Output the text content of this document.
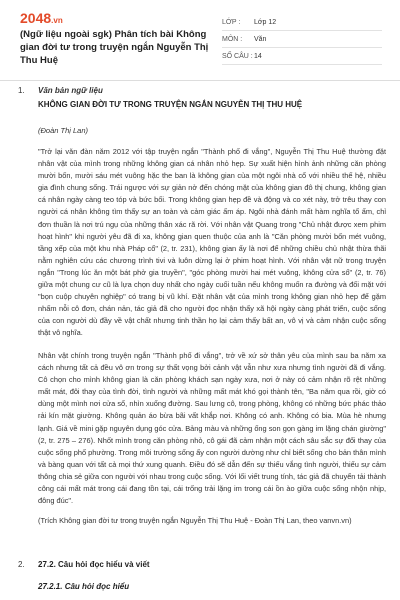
2048.vn
(Ngữ liệu ngoài sgk) Phân tích bài Không gian đời tư trong truyện ngắn Nguyễn Thị Thu Huệ
LỚP :	Lớp 12
MÔN :	Văn
SỐ CÂU : 14
1. Văn bản ngữ liệu
KHÔNG GIAN ĐỜI TƯ TRONG TRUYỆN NGẮN NGUYỄN THỊ THU HUỆ
(Đoàn Thị Lan)
"Trở lại văn đàn năm 2012 với tập truyện ngắn "Thành phố đi vắng", Nguyễn Thị Thu Huệ thường đặt nhân vật của mình trong những không gian cá nhân nhỏ hẹp. Sự xuất hiện hình ảnh những căn phòng mười bốn, mười sáu mét vuông hặc the ban là không gian của một ngôi nhà cổ với nhiều thế hệ, nhiều gia đình chung sống. Trái ngược với sự giản nở đến chóng mặt của không gian đô thị chung, không gian cá nhân ngày càng teo tóp và bức bối. Trong không gian hẹp đề và động và co xét này, trở trêu thay con người cá nhân không tìm thấy sự an toàn và cảm giác ấm áp. Ngôi nhà đánh mất hàm nghĩa tổ ấm, chỉ đơn thuần là nơi trú ngụ của những thân xác rã rời. Với nhân vật Quang trong "Chủ nhật được xem phim hoạt hình" khi người yêu đã đi xa, không gian quen thuộc của anh là "Căn phòng mười bốn mét vuông, tầng xếp của một khu nhà Pháp cổ" (2, tr. 231), không gian ấy là nơi để những chiều chủ nhật thừa thãi nằm nghiên cứu các chương trình tivi và luôn dừng lại ở phim hoạt hình. Với nhân vật nữ trong truyện ngắn "Trong lúc ăn một bát phở gia truyền", "góc phòng mười hai mét vuông, không cửa sổ" (2, tr. 76) giữa một chung cư cũ là lựa chọn duy nhất cho ngày cuối tuần nếu không muốn ra đường và đối mặt với "bọn cuộp chuyên nghiệp" có trang bị vũ khí. Đặt nhân vật của mình trong không gian nhỏ hẹp để gặm nhấm nỗi cô đơn, chán nản, tác giả đã cho người đọc nhận thấy xã hội ngày càng phát triển, cuộc sống của con người dù đầy về vật chất nhưng tinh thần họ lại cảm thấy bất an, vô vị và cảm nhận cuộc sống thật vô nghĩa.
Nhân vật chính trong truyện ngắn "Thành phố đi vắng", trở về xứ sở thân yêu của mình sau ba năm xa cách nhưng tất cả đều vô ơn trong sự thất vọng bởi cảnh vật vẫn như xưa nhưng tình người đã đi vắng. Cô chọn cho mình không gian là căn phòng khách sạn ngày xưa, nơi ở này có cảm nhận rõ rệt những mất mát, đôi thay của tình đời, tình người và những mất mát khó gọi thành tên, "Ba năm qua rồi, giờ có dùng một mình nơi cửa sổ, nhìn xuống đường. Sau lưng cô, trong phòng, không có những bức phác thảo rải kín mặt giường. Không quản áo bừa bãi vất khắp nơi. Không có anh. Không có bia. Mùa hè nhưng lạnh. Giá về mini gặp nguyên dụng góc cửa. Bảng màu và những ống son gọn gàng im lặng chán giường" (2, tr. 275 – 276). Nhốt mình trong căn phòng nhỏ, cô gái đã cảm nhận một cách sâu sắc sự đổi thay của cuộc sống phố phường. Trong môi trường sống ấy con người dường như chỉ biết sống cho bản thân mình và bàng quan với tất cả mọi thứ xung quanh. Điều đó sẽ dẫn đến sự thiếu vắng tình người, thiếu sự cảm thông chia sẻ giữa con người với nhau trong cuộc sống. Với lối viết trung tính, tác giả đã chuyển tải thành công cái mất mát trong cái đang tồn tại, cái trống trải lặng im trong cái ồn ào giữa cuộc sống nhộn nhịp, đông đúc".
(Trích Không gian đời tư trong truyện ngắn Nguyễn Thị Thu Huệ - Đoàn Thị Lan, theo vanvn.vn)
2. 27.2. Câu hỏi đọc hiểu và viết
27.2.1. Câu hỏi đọc hiểu
